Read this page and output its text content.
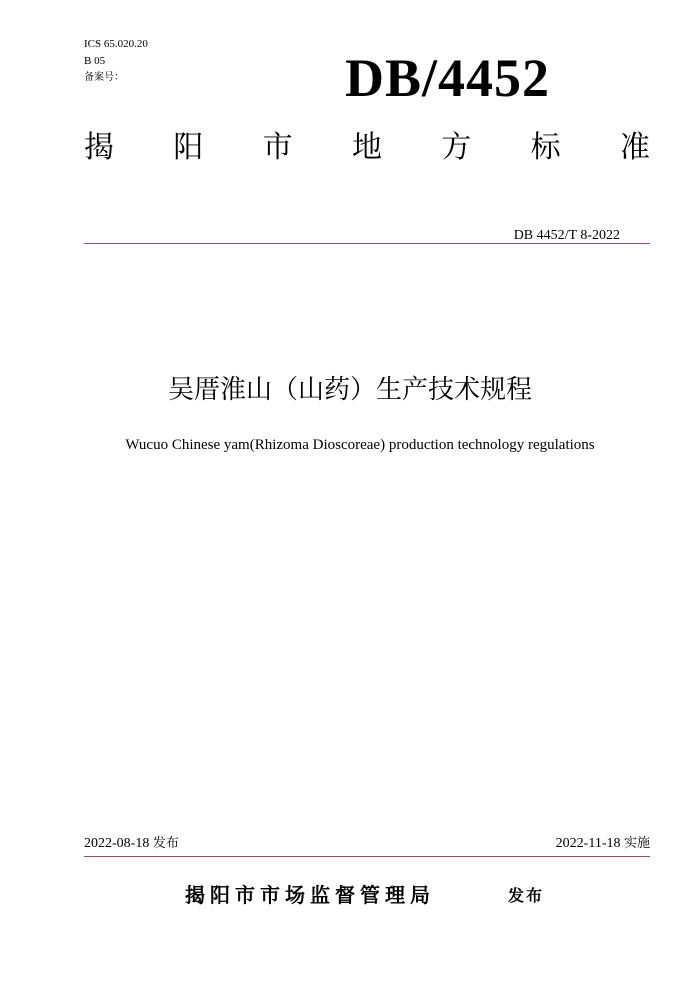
ICS 65.020.20
B 05
备案号：	DB/4452
揭 阳 市 地 方 标 准
DB 4452/T 8-2022
吴厝淮山（山药）生产技术规程
Wucuo Chinese yam(Rhizoma Dioscoreae) production technology regulations
2022-08-18 发布	2022-11-18 实施
揭阳市市场监督管理局	发布
